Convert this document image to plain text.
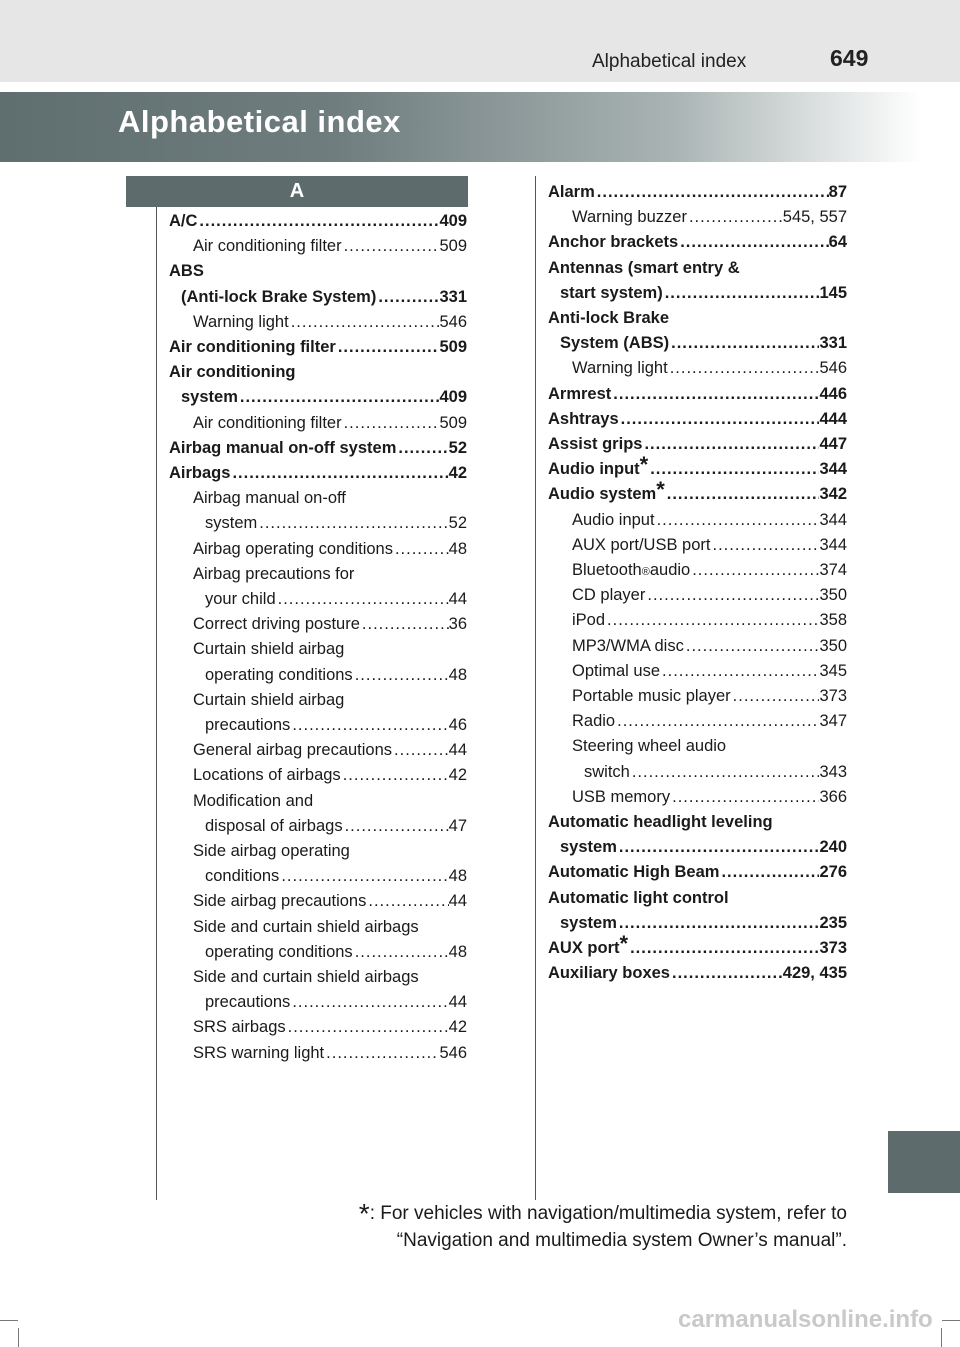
Alphabetical index	649
Alphabetical index
A
A/C .....	409
Air conditioning filter .....	509
ABS
(Anti-lock Brake System) .....	331
Warning light .....	546
Air conditioning filter .....	509
Air conditioning
system .....	409
Air conditioning filter .....	509
Airbag manual on-off system .....	52
Airbags .....	42
Airbag manual on-off
system .....	52
Airbag operating conditions .....	48
Airbag precautions for
your child .....	44
Correct driving posture .....	36
Curtain shield airbag
operating conditions .....	48
Curtain shield airbag
precautions .....	46
General airbag precautions .....	44
Locations of airbags .....	42
Modification and
disposal of airbags .....	47
Side airbag operating
conditions .....	48
Side airbag precautions .....	44
Side and curtain shield airbags
operating conditions .....	48
Side and curtain shield airbags
precautions .....	44
SRS airbags .....	42
SRS warning light .....	546
Alarm .....	87
Warning buzzer .....	545, 557
Anchor brackets .....	64
Antennas (smart entry &
start system) .....	145
Anti-lock Brake
System (ABS) .....	331
Warning light .....	546
Armrest .....	446
Ashtrays .....	444
Assist grips .....	447
Audio input* .....	344
Audio system* .....	342
Audio input .....	344
AUX port/USB port .....	344
Bluetooth ® audio .....	374
CD player .....	350
iPod .....	358
MP3/WMA disc .....	350
Optimal use .....	345
Portable music player .....	373
Radio .....	347
Steering wheel audio
switch .....	343
USB memory .....	366
Automatic headlight leveling
system .....	240
Automatic High Beam .....	276
Automatic light control
system .....	235
AUX port* .....	373
Auxiliary boxes .....	429, 435
*: For vehicles with navigation/multimedia system, refer to
“Navigation and multimedia system Owner’s manual”.
carmanualsonline.info
